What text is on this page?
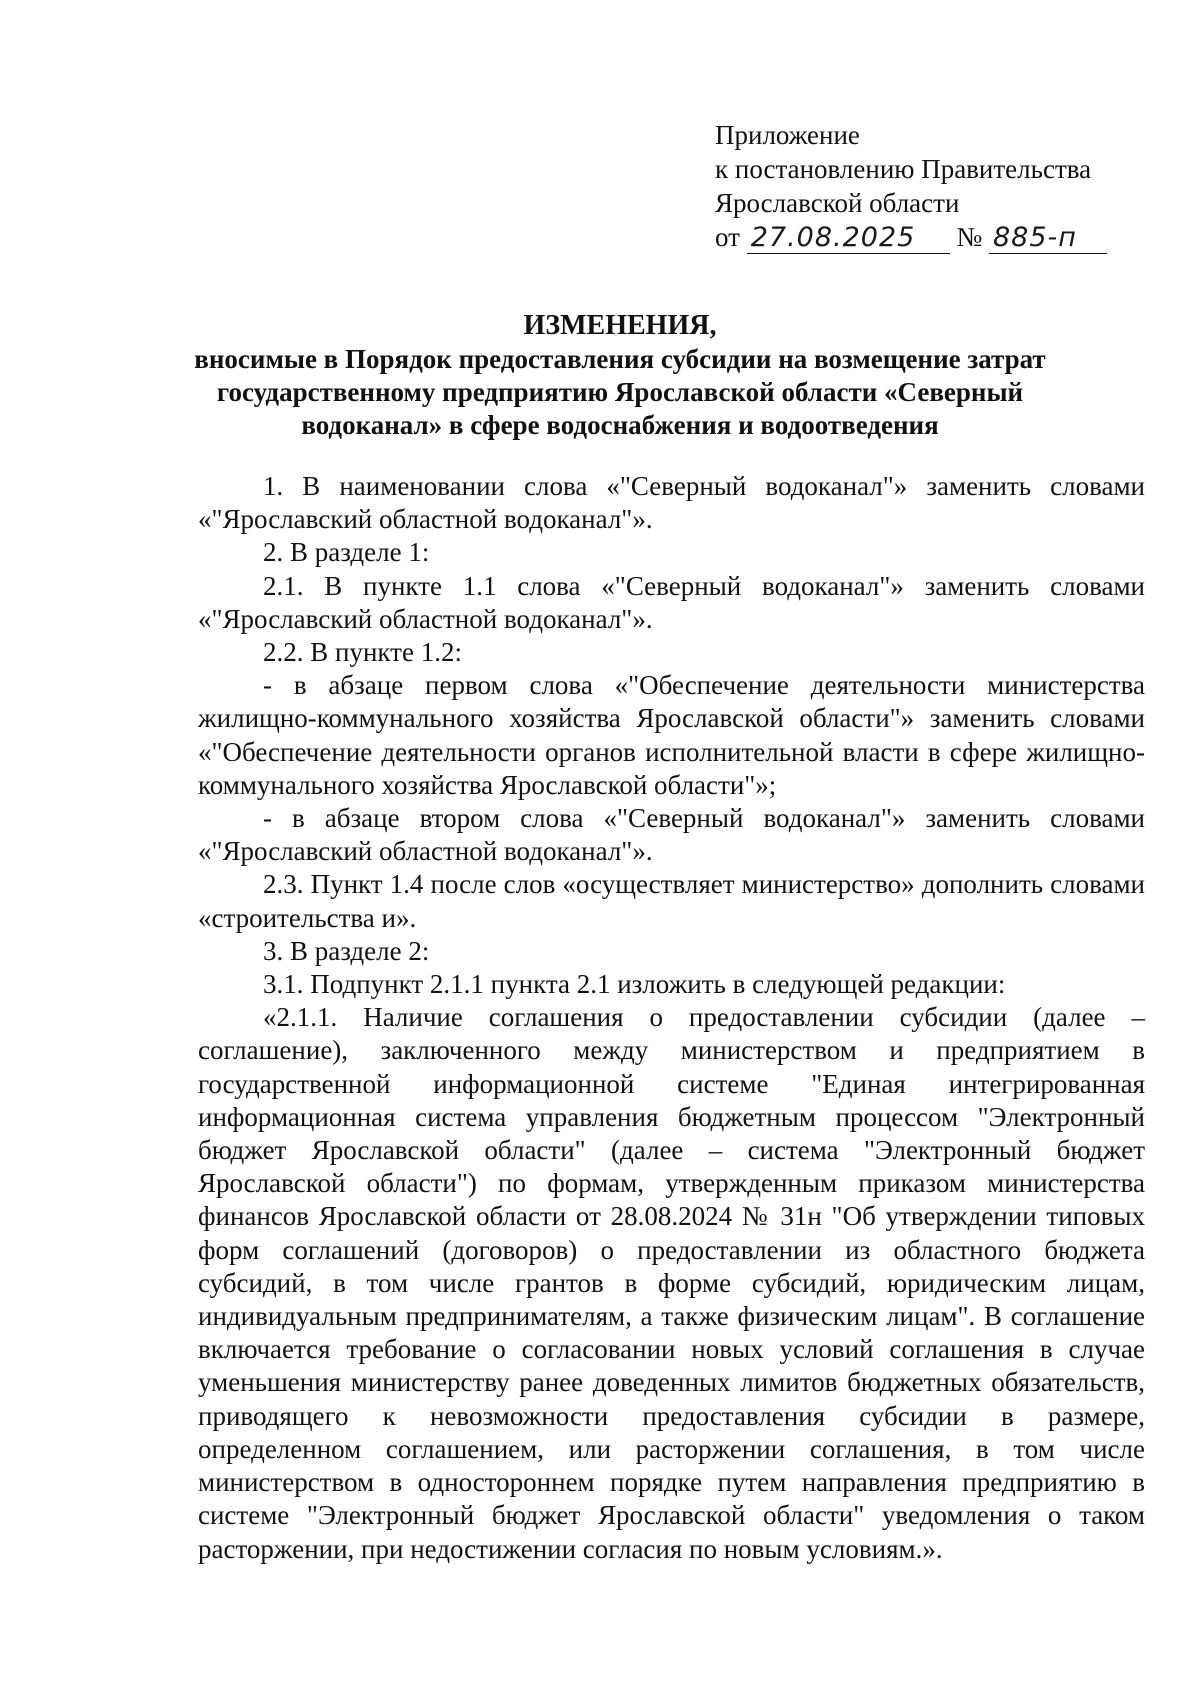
Приложение
к постановлению Правительства
Ярославской области
от 27.08.2025 № 885-п
ИЗМЕНЕНИЯ,
вносимые в Порядок предоставления субсидии на возмещение затрат государственному предприятию Ярославской области «Северный водоканал» в сфере водоснабжения и водоотведения

1. В наименовании слова «"Северный водоканал"» заменить словами «"Ярославский областной водоканал"».

2. В разделе 1:

2.1. В пункте 1.1 слова «"Северный водоканал"» заменить словами «"Ярославский областной водоканал"».

2.2. В пункте 1.2:

- в абзаце первом слова «"Обеспечение деятельности министерства жилищно-коммунального хозяйства Ярославской области"» заменить словами «"Обеспечение деятельности органов исполнительной власти в сфере жилищно-коммунального хозяйства Ярославской области"»;

- в абзаце втором слова «"Северный водоканал"» заменить словами «"Ярославский областной водоканал"».

2.3. Пункт 1.4 после слов «осуществляет министерство» дополнить словами «строительства и».

3. В разделе 2:

3.1. Подпункт 2.1.1 пункта 2.1 изложить в следующей редакции:

«2.1.1. Наличие соглашения о предоставлении субсидии (далее – соглашение), заключенного между министерством и предприятием в государственной информационной системе "Единая интегрированная информационная система управления бюджетным процессом "Электронный бюджет Ярославской области" (далее – система "Электронный бюджет Ярославской области") по формам, утвержденным приказом министерства финансов Ярославской области от 28.08.2024 № 31н "Об утверждении типовых форм соглашений (договоров) о предоставлении из областного бюджета субсидий, в том числе грантов в форме субсидий, юридическим лицам, индивидуальным предпринимателям, а также физическим лицам". В соглашение включается требование о согласовании новых условий соглашения в случае уменьшения министерству ранее доведенных лимитов бюджетных обязательств, приводящего к невозможности предоставления субсидии в размере, определенном соглашением, или расторжении соглашения, в том числе министерством в одностороннем порядке путем направления предприятию в системе "Электронный бюджет Ярославской области" уведомления о таком расторжении, при недостижении согласия по новым условиям.».
